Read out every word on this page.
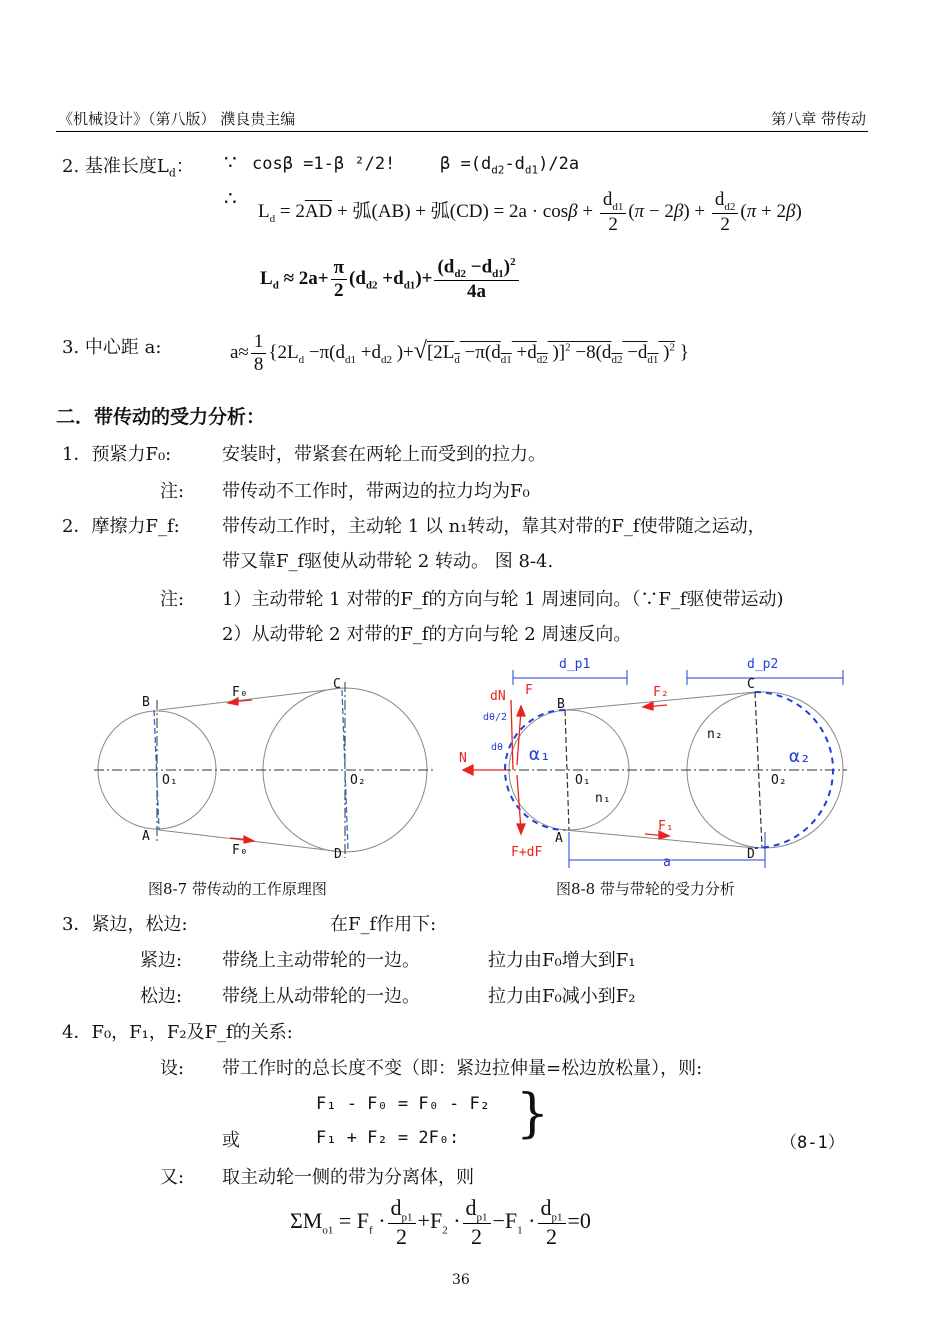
《机械设计》（第八版） 濮良贵主编	第八章 带传动
2. 基准长度$L_d$： ∵ cosβ =1-β ²/2!	$\beta =(d_{d2}-d_{d1})/2a$
∴
$L_d = 2\overline{AD}$ + 弧(AB) + 弧$(CD) = 2a \cdot \cos\beta + \frac{d_{d1}}{2} (\pi - 2\beta) + \frac{d_{d2}}{2} (\pi + 2\beta)$
$L_d \approx 2a+ \frac{\pi}{2} (d_{d2} +d_{d1})+ \frac{(d_{d2} -d_{d1})^2}{4a}$
3. 中心距 a:	$a\approx \frac{1}{8} \{2L_d -\pi(d_{d1} +d_{d2}$ )$+√[2L_d -\pi(d_{d1} +d_{d2}$ )]$^2 -8(d_{d2} -d_{d1}$ )$^2$ }
二．带传动的受力分析：
1．预紧力F₀:	安装时，带紧套在两轮上而受到的拉力。
注: 带传动不工作时，带两边的拉力均为F₀
2．摩擦力F_f: 带传动工作时，主动轮 1 以 n₁转动，靠其对带的F_f使带随之运动，
带又靠F_f驱使从动带轮 2 转动。 图 8-4.
注: 1）主动带轮 1 对带的F_f的方向与轮 1 周速同向。（∵F_f驱使带运动)
2）从动带轮 2 对带的F_f的方向与轮 2 周速反向。
B
C
A
D
O₁	O₂
F₀
F₀
图8-7 带传动的工作原理图
d_p1	d_p2
dN F	F₂
F₁
N
F+dF
a
B
C
A
D
O₁	O₂
n₁
n₂
dθ/2
dθ α₁	α₂
图8-8 带与带轮的受力分析
3．紧边，松边:	在F_f作用下:
紧边: 带绕上主动带轮的一边。	拉力由F₀增大到F₁
松边: 带绕上从动带轮的一边。	拉力由F₀减小到F₂
4．F₀，F₁，F₂及F_f的关系:
设: 带工作时的总长度不变（即：紧边拉伸量=松边放松量），则:
F₁ - F₀ = F₀ - F₂
或	F₁ + F₂ = 2F₀: }	（8-1）
又: 取主动轮一侧的带为分离体，则
$\Sigma M_{o1} = F_f \cdot \frac{d_{p1}}{2} +F_2 \cdot \frac{d_{p1}}{2} -F_1 \cdot \frac{d_{p1}}{2} =0$
36
